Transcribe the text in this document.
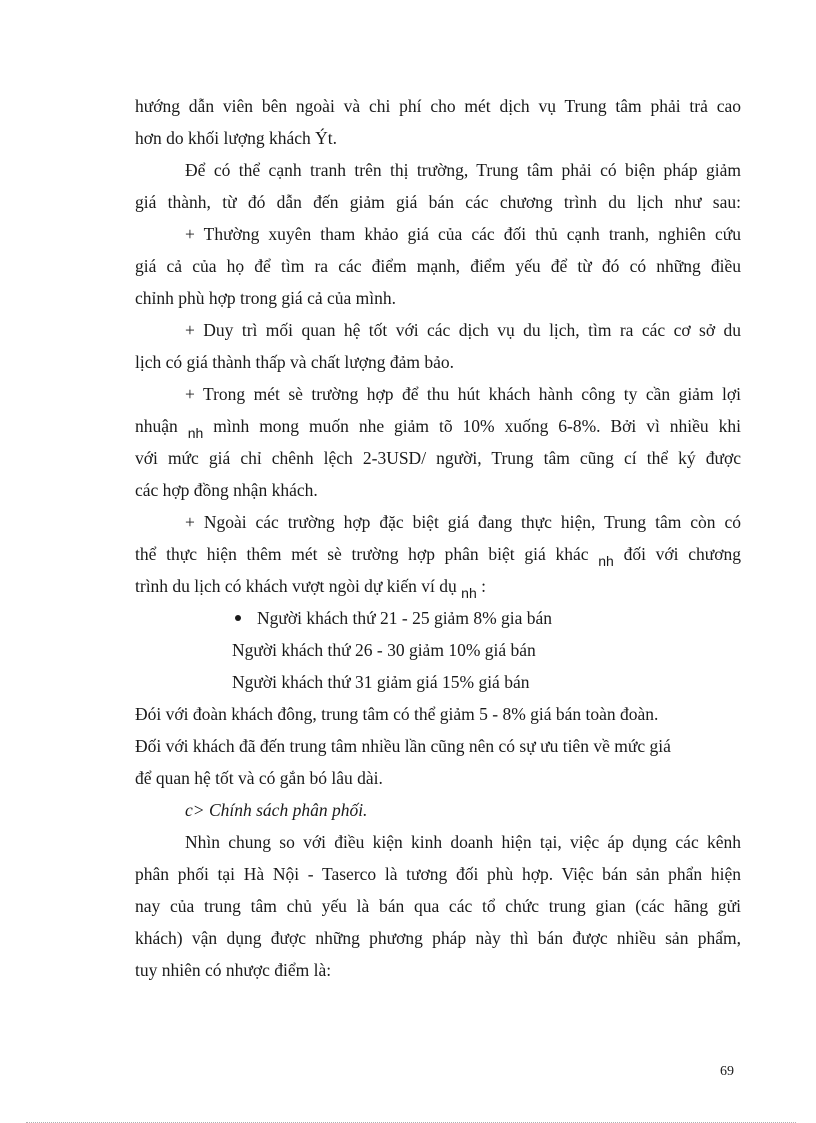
hướng dẫn viên bên ngoài và chi phí cho mét dịch vụ Trung tâm phải trả cao
hơn do khối lượng khách Ýt.
Để có thể cạnh tranh trên thị trường, Trung tâm phải có biện pháp giảm
giá thành, từ đó dẫn đến giảm giá bán các chương trình du lịch như sau:
+ Thường xuyên tham khảo giá của các đối thủ cạnh tranh, nghiên cứu
giá cả của họ để tìm ra các điểm mạnh, điểm yếu để từ đó có những điều
chỉnh phù hợp trong giá cả của mình.
+ Duy trì mối quan hệ tốt với các dịch vụ du lịch, tìm ra các cơ sở du
lịch có giá thành thấp và chất lượng đảm bảo.
+ Trong mét sè trường hợp để thu hút khách hành công ty cần giảm lợi
nhuận $_{nh}$ mình mong muốn nhe giảm tõ 10% xuống 6-8%. Bởi vì nhiều khi
với mức giá chỉ chênh lệch 2-3USD/ người, Trung tâm cũng cí thể ký được
các hợp đồng nhận khách.
+ Ngoài các trường hợp đặc biệt giá đang thực hiện, Trung tâm còn có
thể thực hiện thêm mét sè trường hợp phân biệt giá khác $_{nh}$ đối với chương
trình du lịch có khách vượt ngòi dự kiến ví dụ $_{nh}$ :
Người khách thứ 21 - 25 giảm 8% gia bán
Người khách thứ 26 - 30 giảm 10% giá bán
Người khách thứ 31 giảm giá 15% giá bán
Đói với đoàn khách đông, trung tâm có thể giảm 5 - 8% giá bán toàn đoàn.
Đối với khách đã đến trung tâm nhiều lần cũng nên có sự ưu tiên về mức giá
để quan hệ tốt và có gắn bó lâu dài.
c> Chính sách phân phối.
Nhìn chung so với điều kiện kinh doanh hiện tại, việc áp dụng các kênh
phân phối tại Hà Nội - Taserco là tương đối phù hợp. Việc bán sản phẩn hiện
nay của trung tâm chủ yếu là bán qua các tổ chức trung gian (các hãng gửi
khách) vận dụng được những phương pháp này thì bán được nhiều sản phẩm,
tuy nhiên có nhược điểm là:
69
